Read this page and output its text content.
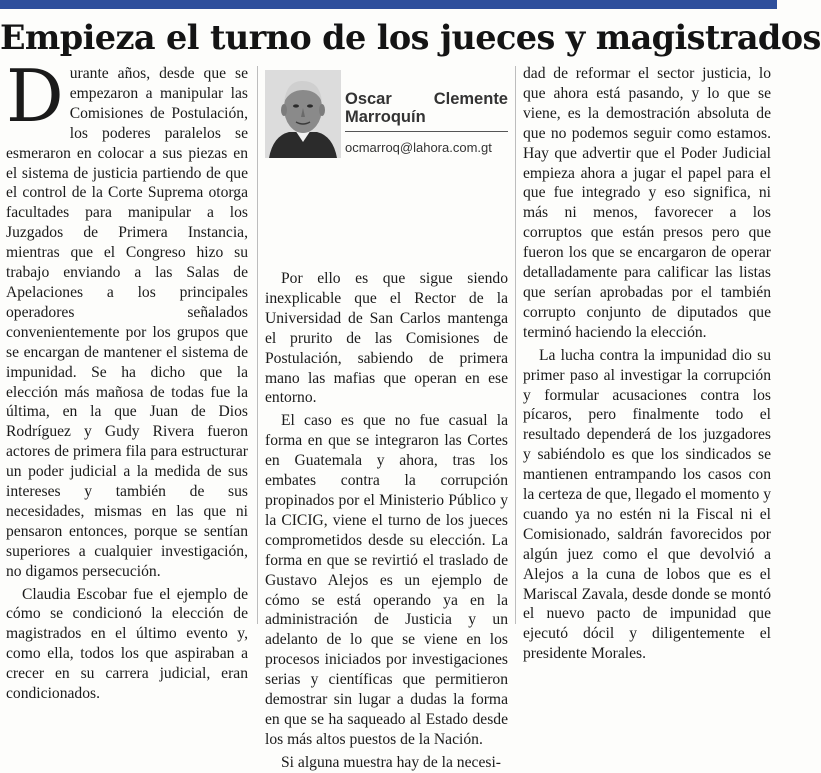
Empieza el turno de los jueces y magistrados

Durante años, desde que se empezaron a manipular las Comisiones de Postulación, los poderes paralelos se esmeraron en colocar a sus piezas en el sistema de justicia partiendo de que el control de la Corte Suprema otorga facultades para manipular a los Juzgados de Primera Instancia, mientras que el Congreso hizo su trabajo enviando a las Salas de Apelaciones a los principales operadores señalados convenientemente por los grupos que se encargan de mantener el sistema de impunidad. Se ha dicho que la elección más mañosa de todas fue la última, en la que Juan de Dios Rodríguez y Gudy Rivera fueron actores de primera fila para estructurar un poder judicial a la medida de sus intereses y también de sus necesidades, mismas en las que ni pensaron entonces, porque se sentían superiores a cualquier investigación, no digamos persecución.

Claudia Escobar fue el ejemplo de cómo se condicionó la elección de magistrados en el último evento y, como ella, todos los que aspiraban a crecer en su carrera judicial, eran condicionados.

Oscar Clemente Marroquín
ocmarroq@lahora.com.gt

Por ello es que sigue siendo inexplicable que el Rector de la Universidad de San Carlos mantenga el prurito de las Comisiones de Postulación, sabiendo de primera mano las mafias que operan en ese entorno.

El caso es que no fue casual la forma en que se integraron las Cortes en Guatemala y ahora, tras los embates contra la corrupción propinados por el Ministerio Público y la CICIG, viene el turno de los jueces comprometidos desde su elección. La forma en que se revirtió el traslado de Gustavo Alejos es un ejemplo de cómo se está operando ya en la administración de Justicia y un adelanto de lo que se viene en los procesos iniciados por investigaciones serias y científicas que permitieron demostrar sin lugar a dudas la forma en que se ha saqueado al Estado desde los más altos puestos de la Nación.

Si alguna muestra hay de la necesi-

dad de reformar el sector justicia, lo que ahora está pasando, y lo que se viene, es la demostración absoluta de que no podemos seguir como estamos. Hay que advertir que el Poder Judicial empieza ahora a jugar el papel para el que fue integrado y eso significa, ni más ni menos, favorecer a los corruptos que están presos pero que fueron los que se encargaron de operar detalladamente para calificar las listas que serían aprobadas por el también corrupto conjunto de diputados que terminó haciendo la elección.

La lucha contra la impunidad dio su primer paso al investigar la corrupción y formular acusaciones contra los pícaros, pero finalmente todo el resultado dependerá de los juzgadores y sabiéndolo es que los sindicados se mantienen entrampando los casos con la certeza de que, llegado el momento y cuando ya no estén ni la Fiscal ni el Comisionado, saldrán favorecidos por algún juez como el que devolvió a Alejos a la cuna de lobos que es el Mariscal Zavala, desde donde se montó el nuevo pacto de impunidad que ejecutó dócil y diligentemente el presidente Morales.
